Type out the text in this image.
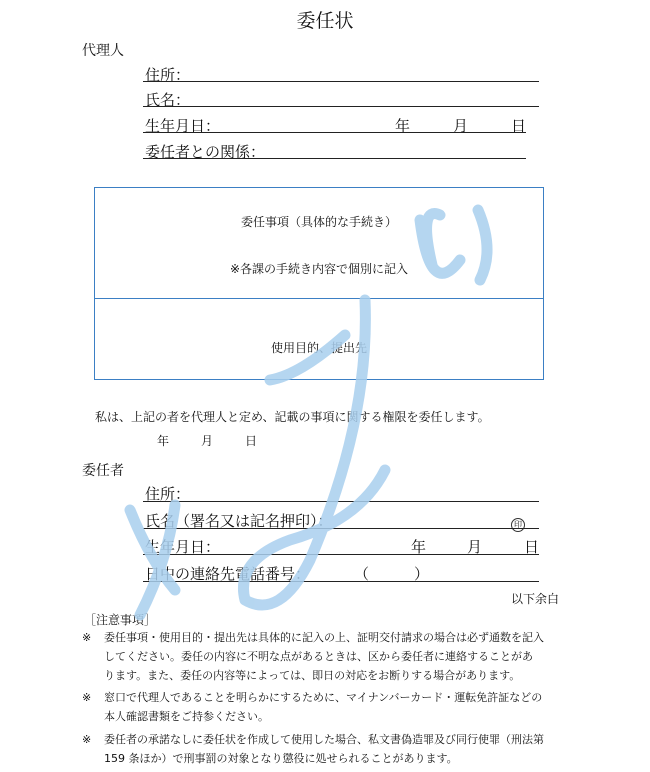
委任状
代理人
住所：
氏名：
生年月日：	年	月	日
委任者との関係：
委任事項（具体的な手続き）
※各課の手続き内容で個別に記入
使用目的、提出先
私は、上記の者を代理人と定め、記載の事項に関する権限を委任します。
年	月	日
委任者
住所：
氏名（署名又は記名押印）：	印
生年月日：	年	月	日
日中の連絡先電話番号：	（　　　）
以下余白
［注意事項］
※ 委任事項・使用目的・提出先は具体的に記入の上、証明交付請求の場合は必ず通数を記入
してください。委任の内容に不明な点があるときは、区から委任者に連絡することがあ
ります。また、委任の内容等によっては、即日の対応をお断りする場合があります。
※ 窓口で代理人であることを明らかにするために、マイナンバーカード・運転免許証などの
本人確認書類をご持参ください。
※ 委任者の承諾なしに委任状を作成して使用した場合、私文書偽造罪及び同行使罪（刑法第
159 条ほか）で刑事罰の対象となり懲役に処せられることがあります。
